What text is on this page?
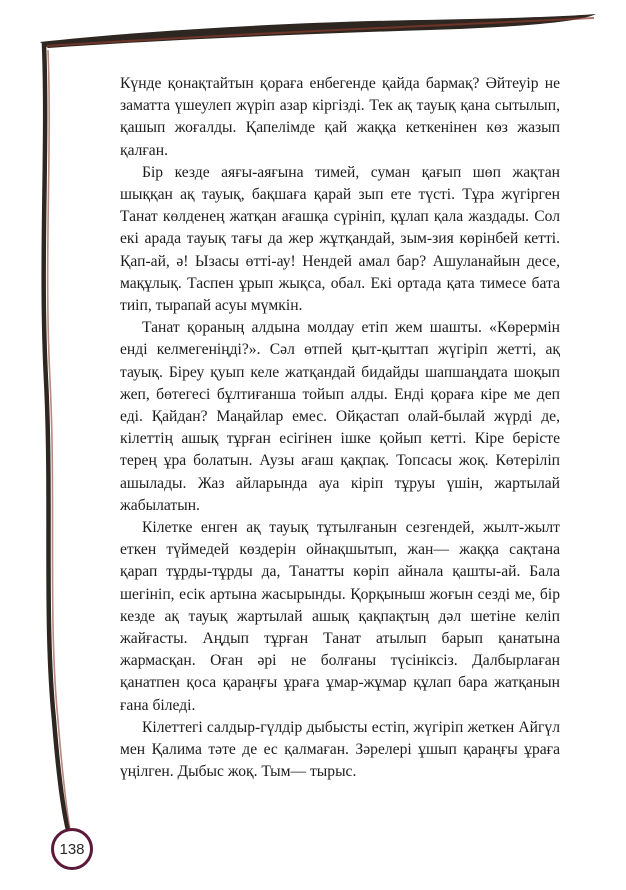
Күнде қонақтайтын қораға енбегенде қайда бармақ? Әйтеуір не заматта үшеулеп жүріп азар кіргізді. Тек ақ тауық қана сытылып, қашып жоғалды. Қапелімде қай жаққа кеткенінен көз жазып қалған.

Бір кезде аяғы-аяғына тимей, суман қағып шөп жақтан шыққан ақ тауық, бақшаға қарай зып ете түсті. Тұра жүгірген Танат көлденең жатқан ағашқа сүрініп, құлап қала жаздады. Сол екі арада тауық тағы да жер жұтқандай, зым-зия көрінбей кетті. Қап-ай, ә! Ызасы өтті-ау! Нендей амал бар? Ашуланайын десе, мақұлық. Таспен ұрып жықса, обал. Екі ортада қата тимесе бата тиіп, тырапай асуы мүмкін.

Танат қораның алдына молдау етіп жем шашты. «Көрермін енді келмегеніңді?». Сәл өтпей қыт-қыттап жүгіріп жетті, ақ тауық. Біреу қуып келе жатқандай бидайды шапшаңдата шоқып жеп, бөтегесі бұлтиғанша тойып алды. Енді қораға кіре ме деп еді. Қайдан? Маңайлар емес. Ойқастап олай-былай жүрді де, кілеттің ашық тұрған есігінен ішке қойып кетті. Кіре берісте терең ұра болатын. Аузы ағаш қақпақ. Топсасы жоқ. Көтеріліп ашылады. Жаз айларында ауа кіріп тұруы үшін, жартылай жабылатын.

Кілетке енген ақ тауық тұтылғанын сезгендей, жылт-жылт еткен түймедей көздерін ойнақшытып, жан— жаққа сақтана қарап тұрды-тұрды да, Танатты көріп айнала қашты-ай. Бала шегініп, есік артына жасырынды. Қорқыныш жоғын сезді ме, бір кезде ақ тауық жартылай ашық қақпақтың дәл шетіне келіп жайғасты. Аңдып тұрған Танат атылып барып қанатына жармасқан. Оған әрі не болғаны түсініксіз. Далбырлаған қанатпен қоса қараңғы ұраға ұмар-жұмар құлап бара жатқанын ғана біледі.

Кілеттегі салдыр-гүлдір дыбысты естіп, жүгіріп жеткен Айгүл мен Қалима тәте де ес қалмаған. Зәрелері ұшып қараңғы ұраға үңілген. Дыбыс жоқ. Тым— тырыс.

138
